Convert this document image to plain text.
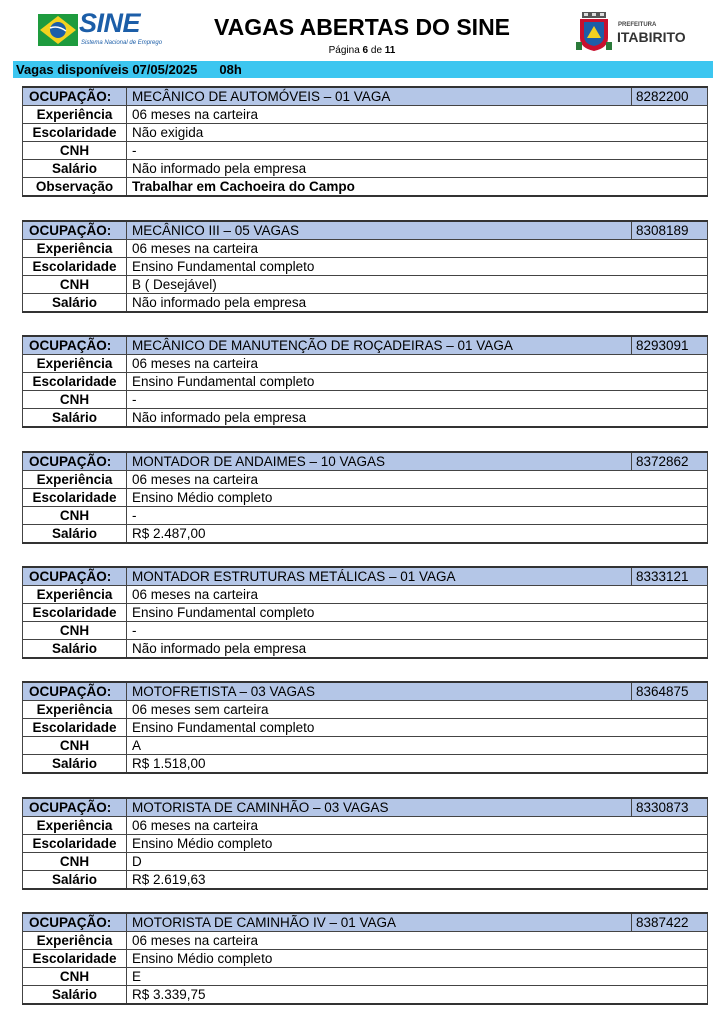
SINE
Sistema Nacional de Emprego
VAGAS ABERTAS DO SINE
Página 6 de 11
PREFEITURA
ITABIRITO
Vagas disponíveis 07/05/2025 08h
OCUPAÇÃO:	MECÂNICO DE AUTOMÓVEIS – 01 VAGA	8282200
Experiência	06 meses na carteira	
Escolaridade	Não exigida	
CNH	-	
Salário	Não informado pela empresa	
Observação	Trabalhar em Cachoeira do Campo	
OCUPAÇÃO:	MECÂNICO III – 05 VAGAS	8308189
Experiência	06 meses na carteira	
Escolaridade	Ensino Fundamental completo	
CNH	B ( Desejável)	
Salário	Não informado pela empresa	
OCUPAÇÃO:	MECÂNICO DE MANUTENÇÃO DE ROÇADEIRAS – 01 VAGA	8293091
Experiência	06 meses na carteira	
Escolaridade	Ensino Fundamental completo	
CNH	-	
Salário	Não informado pela empresa	
OCUPAÇÃO:	MONTADOR DE ANDAIMES – 10 VAGAS	8372862
Experiência	06 meses na carteira	
Escolaridade	Ensino Médio completo	
CNH	-	
Salário	R$ 2.487,00	
OCUPAÇÃO:	MONTADOR ESTRUTURAS METÁLICAS – 01 VAGA	8333121
Experiência	06 meses na carteira	
Escolaridade	Ensino Fundamental completo	
CNH	-	
Salário	Não informado pela empresa	
OCUPAÇÃO:	MOTOFRETISTA – 03 VAGAS	8364875
Experiência	06 meses sem carteira	
Escolaridade	Ensino Fundamental completo	
CNH	A	
Salário	R$ 1.518,00	
OCUPAÇÃO:	MOTORISTA DE CAMINHÃO – 03 VAGAS	8330873
Experiência	06 meses na carteira	
Escolaridade	Ensino Médio completo	
CNH	D	
Salário	R$ 2.619,63	
OCUPAÇÃO:	MOTORISTA DE CAMINHÃO IV – 01 VAGA	8387422
Experiência	06 meses na carteira	
Escolaridade	Ensino Médio completo	
CNH	E	
Salário	R$ 3.339,75	
